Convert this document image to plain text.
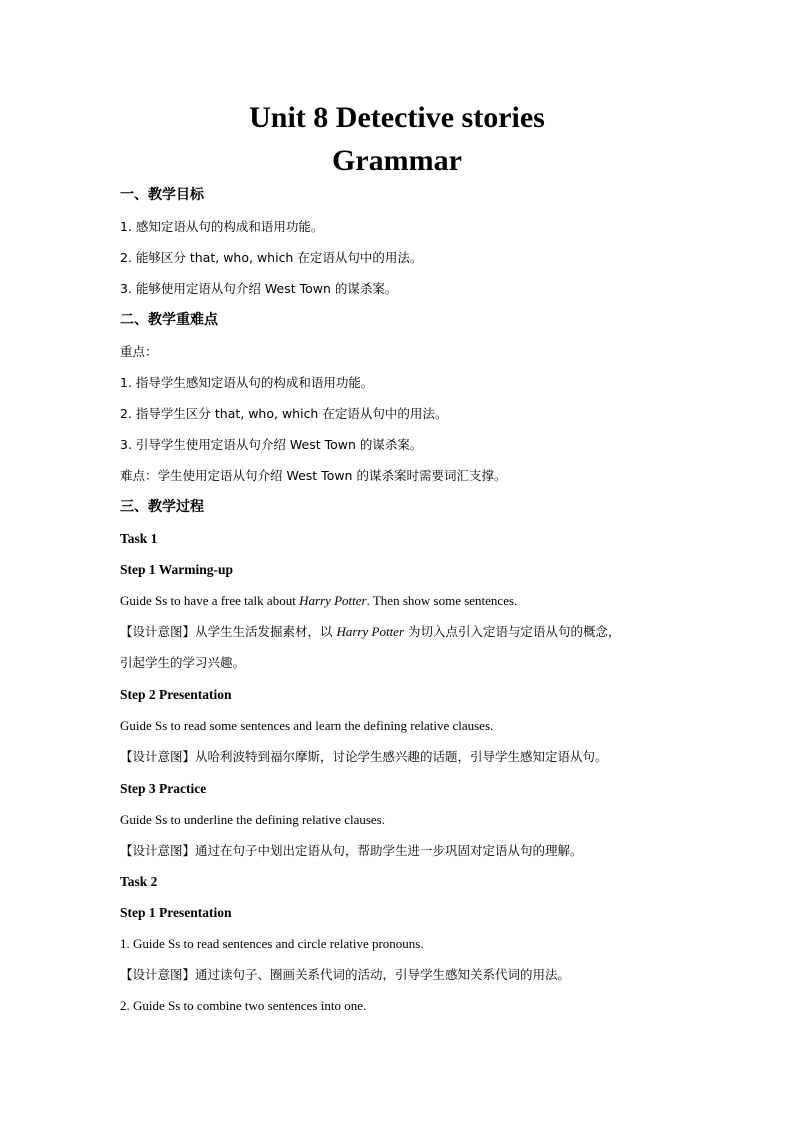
Unit 8 Detective stories
Grammar
一、教学目标
1. 感知定语从句的构成和语用功能。
2. 能够区分 that, who, which 在定语从句中的用法。
3. 能够使用定语从句介绍 West Town 的谋杀案。
二、教学重难点
重点：
1. 指导学生感知定语从句的构成和语用功能。
2. 指导学生区分 that, who, which 在定语从句中的用法。
3. 引导学生使用定语从句介绍 West Town 的谋杀案。
难点：学生使用定语从句介绍 West Town 的谋杀案时需要词汇支撑。
三、教学过程
Task 1
Step 1 Warming-up
Guide Ss to have a free talk about Harry Potter. Then show some sentences.
【设计意图】从学生生活发掘素材，以 Harry Potter 为切入点引入定语与定语从句的概念，
引起学生的学习兴趣。
Step 2 Presentation
Guide Ss to read some sentences and learn the defining relative clauses.
【设计意图】从哈利波特到福尔摩斯，讨论学生感兴趣的话题，引导学生感知定语从句。
Step 3 Practice
Guide Ss to underline the defining relative clauses.
【设计意图】通过在句子中划出定语从句，帮助学生进一步巩固对定语从句的理解。
Task 2
Step 1 Presentation
1. Guide Ss to read sentences and circle relative pronouns.
【设计意图】通过读句子、圈画关系代词的活动，引导学生感知关系代词的用法。
2. Guide Ss to combine two sentences into one.
